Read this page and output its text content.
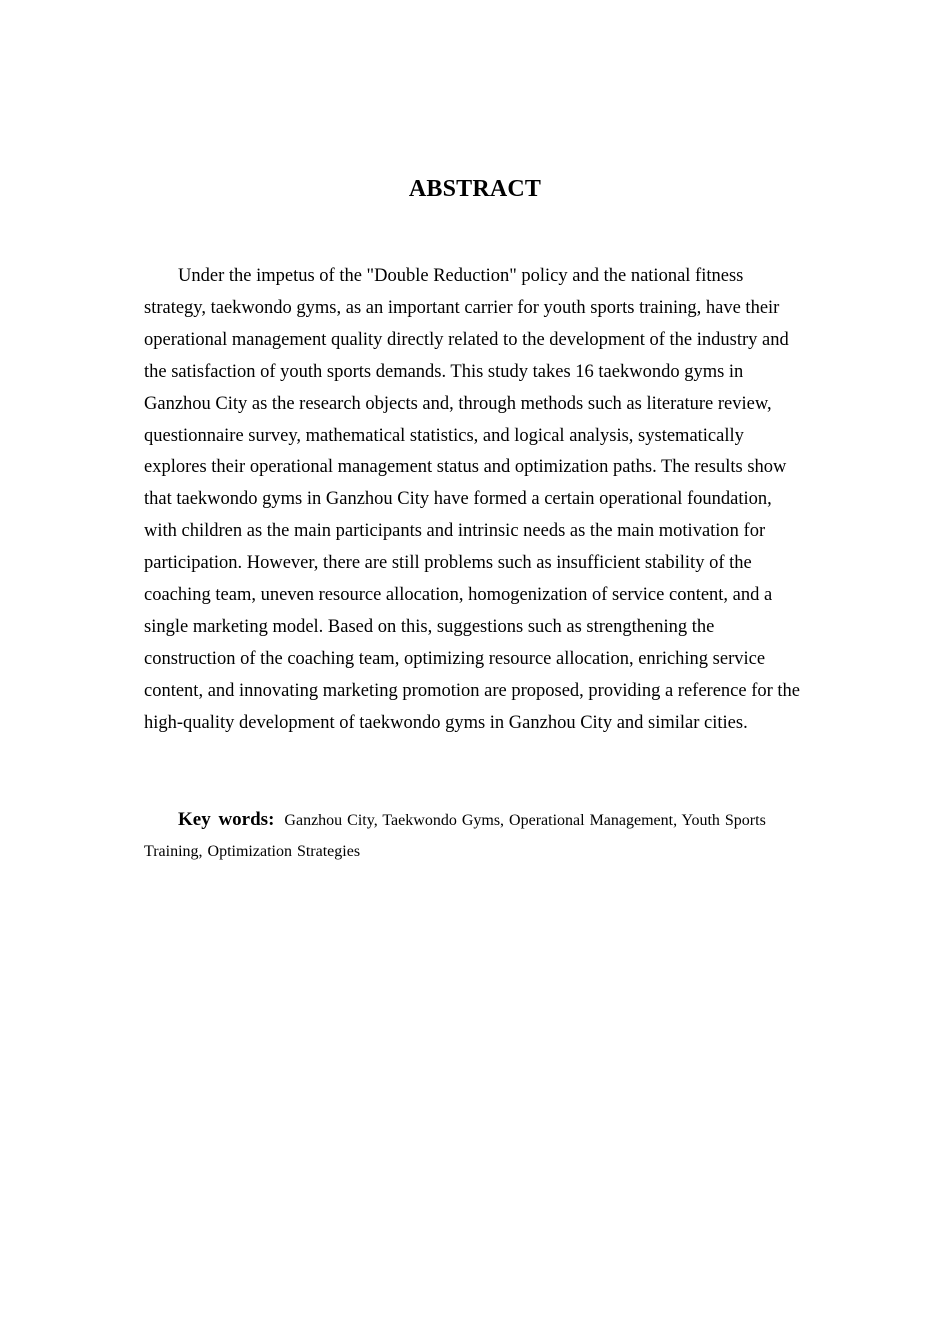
ABSTRACT

Under the impetus of the "Double Reduction" policy and the national fitness strategy, taekwondo gyms, as an important carrier for youth sports training, have their operational management quality directly related to the development of the industry and the satisfaction of youth sports demands. This study takes 16 taekwondo gyms in Ganzhou City as the research objects and, through methods such as literature review, questionnaire survey, mathematical statistics, and logical analysis, systematically explores their operational management status and optimization paths. The results show that taekwondo gyms in Ganzhou City have formed a certain operational foundation, with children as the main participants and intrinsic needs as the main motivation for participation. However, there are still problems such as insufficient stability of the coaching team, uneven resource allocation, homogenization of service content, and a single marketing model. Based on this, suggestions such as strengthening the construction of the coaching team, optimizing resource allocation, enriching service content, and innovating marketing promotion are proposed, providing a reference for the high-quality development of taekwondo gyms in Ganzhou City and similar cities.

Key words: Ganzhou City, Taekwondo Gyms, Operational Management, Youth Sports Training, Optimization Strategies
